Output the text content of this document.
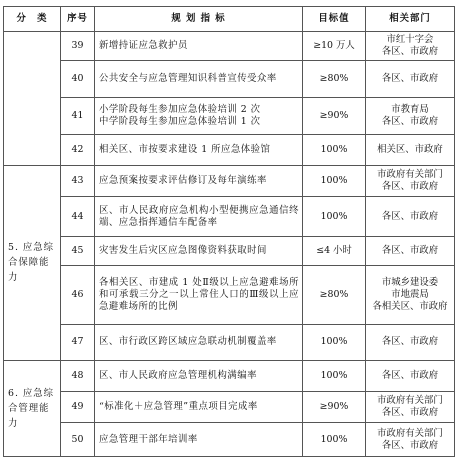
分 类	序号	规 划 指 标	目标值	相关部门
	39	新增持证应急救护员	≥10 万人	市红十字会
各区、市政府

	40	公共安全与应急管理知识科普宣传受众率	≥80%	各区、市政府

	41	小学阶段每生参加应急体验培训 2 次
中学阶段每生参加应急体验培训 1 次	≥90%	市教育局
各区、市政府

	42	相关区、市按要求建设 1 所应急体验馆	100%	相关区、市政府

5. 应急综合保障能力	43	应急预案按要求评估修订及每年演练率	100%	市政府有关部门
各区、市政府

	44	区、市人民政府应急机构小型便携应急通信终端、应急指挥通信车配备率	100%	各区、市政府

	45	灾害发生后灾区应急图像资料获取时间	≤4 小时	各区、市政府

	46	各相关区、市建成 1 处Ⅱ级以上应急避难场所和可承载三分之一以上常住人口的Ⅲ级以上应急避难场所的比例	≥80%	市城乡建设委
市地震局
各相关区、市政府

	47	区、市行政区跨区域应急联动机制覆盖率	100%	各区、市政府

6. 应急综合管理能力	48	区、市人民政府应急管理机构满编率	100%	各区、市政府

	49	“标准化＋应急管理”重点项目完成率	≥90%	市政府有关部门
各区、市政府

	50	应急管理干部年培训率	100%	市政府有关部门
各区、市政府
